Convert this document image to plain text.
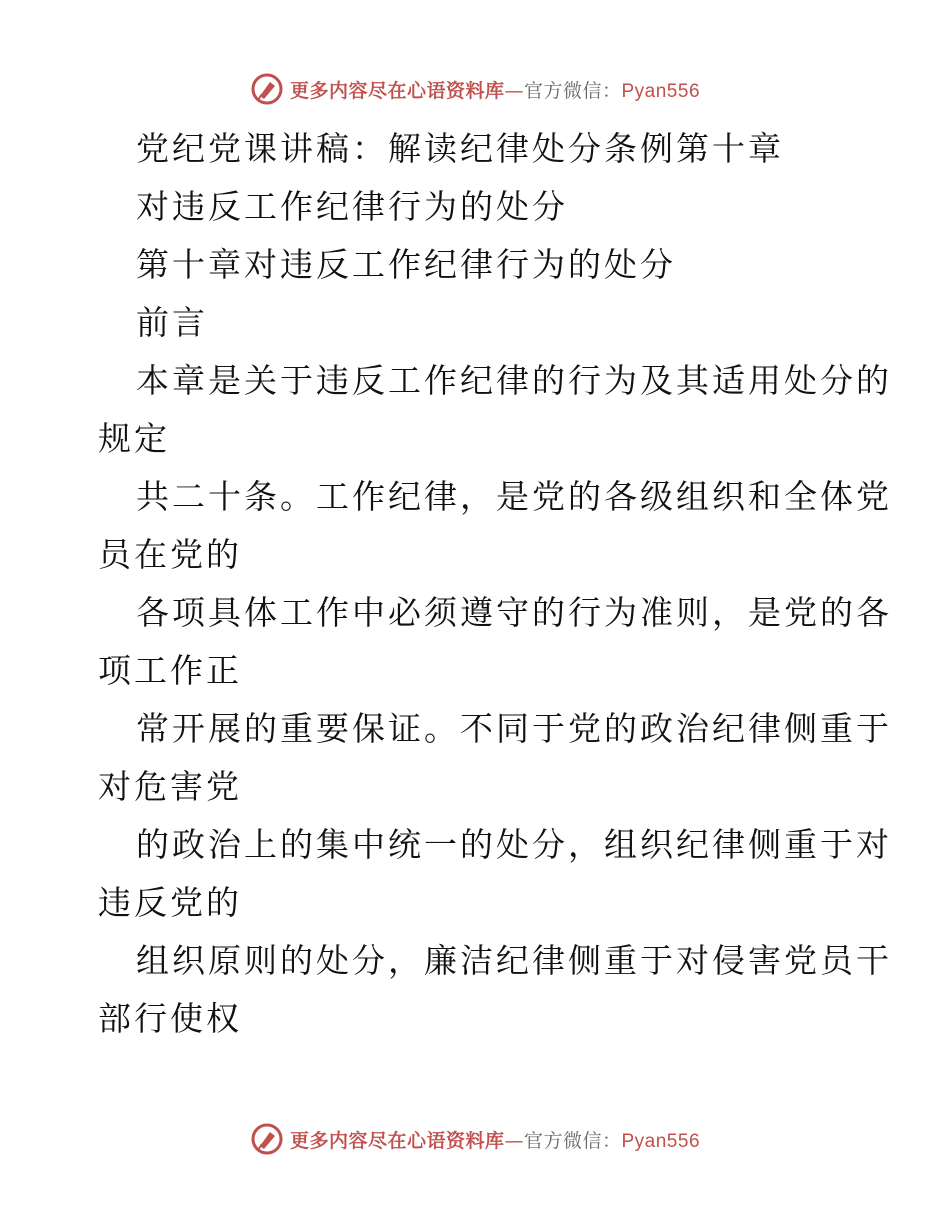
更多内容尽在心语资料库—官方微信：Pyan556

党纪党课讲稿：解读纪律处分条例第十章

对违反工作纪律行为的处分

第十章对违反工作纪律行为的处分

前言

本章是关于违反工作纪律的行为及其适用处分的

规定

共二十条。工作纪律，是党的各级组织和全体党

员在党的

各项具体工作中必须遵守的行为准则，是党的各

项工作正

常开展的重要保证。不同于党的政治纪律侧重于

对危害党

的政治上的集中统一的处分，组织纪律侧重于对

违反党的

组织原则的处分，廉洁纪律侧重于对侵害党员干

部行使权

更多内容尽在心语资料库—官方微信：Pyan556
